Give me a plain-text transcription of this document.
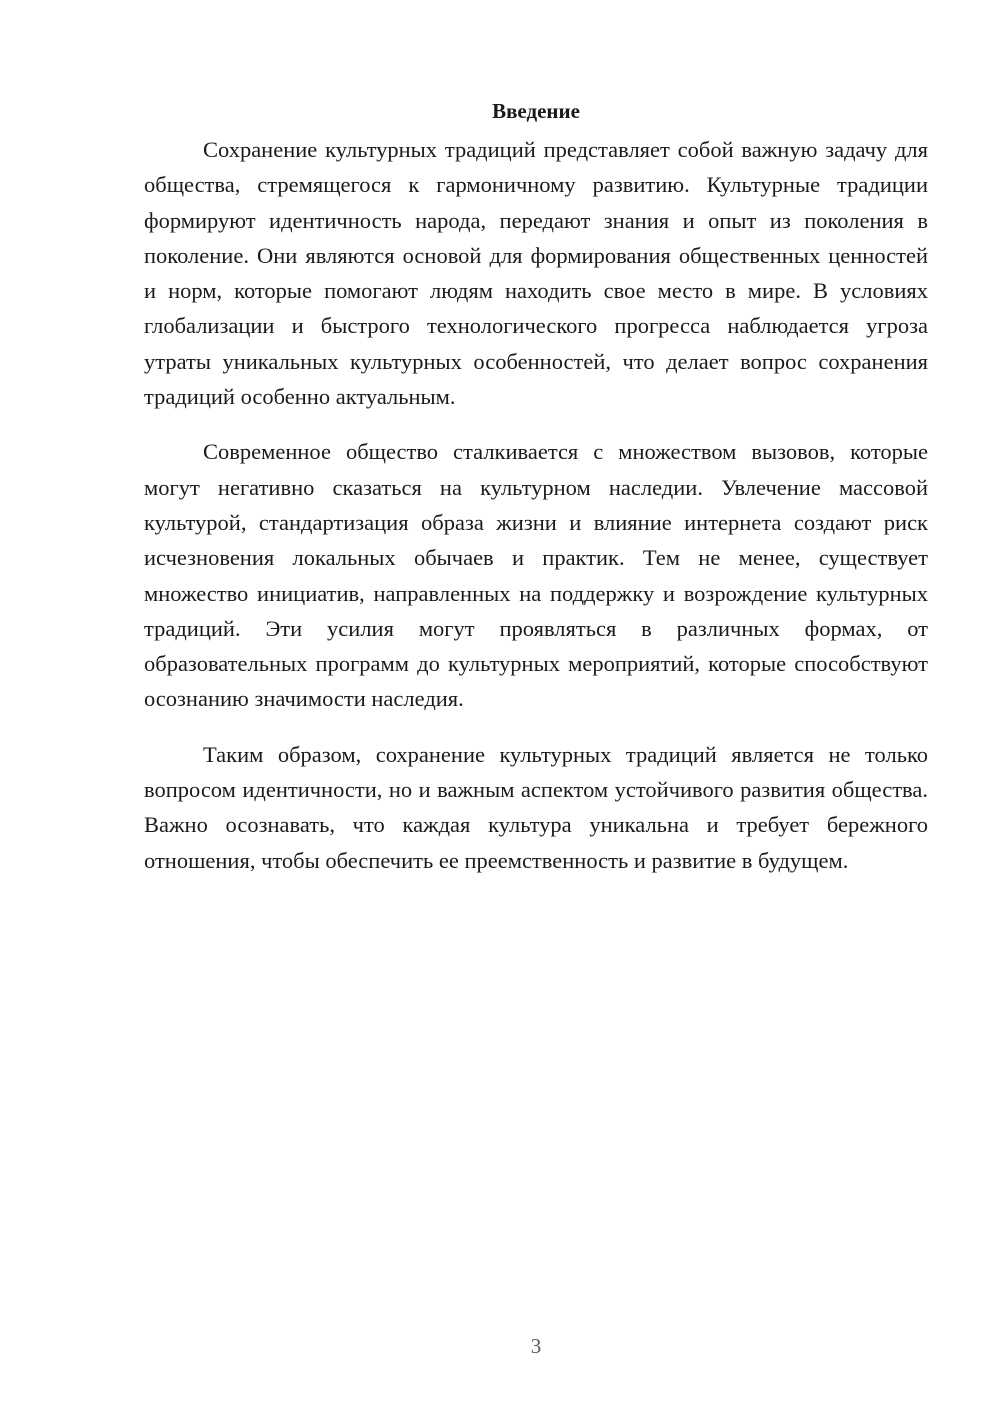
Введение

Сохранение культурных традиций представляет собой важную задачу для общества, стремящегося к гармоничному развитию. Культурные традиции формируют идентичность народа, передают знания и опыт из поколения в поколение. Они являются основой для формирования общественных ценностей и норм, которые помогают людям находить свое место в мире. В условиях глобализации и быстрого технологического прогресса наблюдается угроза утраты уникальных культурных особенностей, что делает вопрос сохранения традиций особенно актуальным.

Современное общество сталкивается с множеством вызовов, которые могут негативно сказаться на культурном наследии. Увлечение массовой культурой, стандартизация образа жизни и влияние интернета создают риск исчезновения локальных обычаев и практик. Тем не менее, существует множество инициатив, направленных на поддержку и возрождение культурных традиций. Эти усилия могут проявляться в различных формах, от образовательных программ до культурных мероприятий, которые способствуют осознанию значимости наследия.

Таким образом, сохранение культурных традиций является не только вопросом идентичности, но и важным аспектом устойчивого развития общества. Важно осознавать, что каждая культура уникальна и требует бережного отношения, чтобы обеспечить ее преемственность и развитие в будущем.

3
